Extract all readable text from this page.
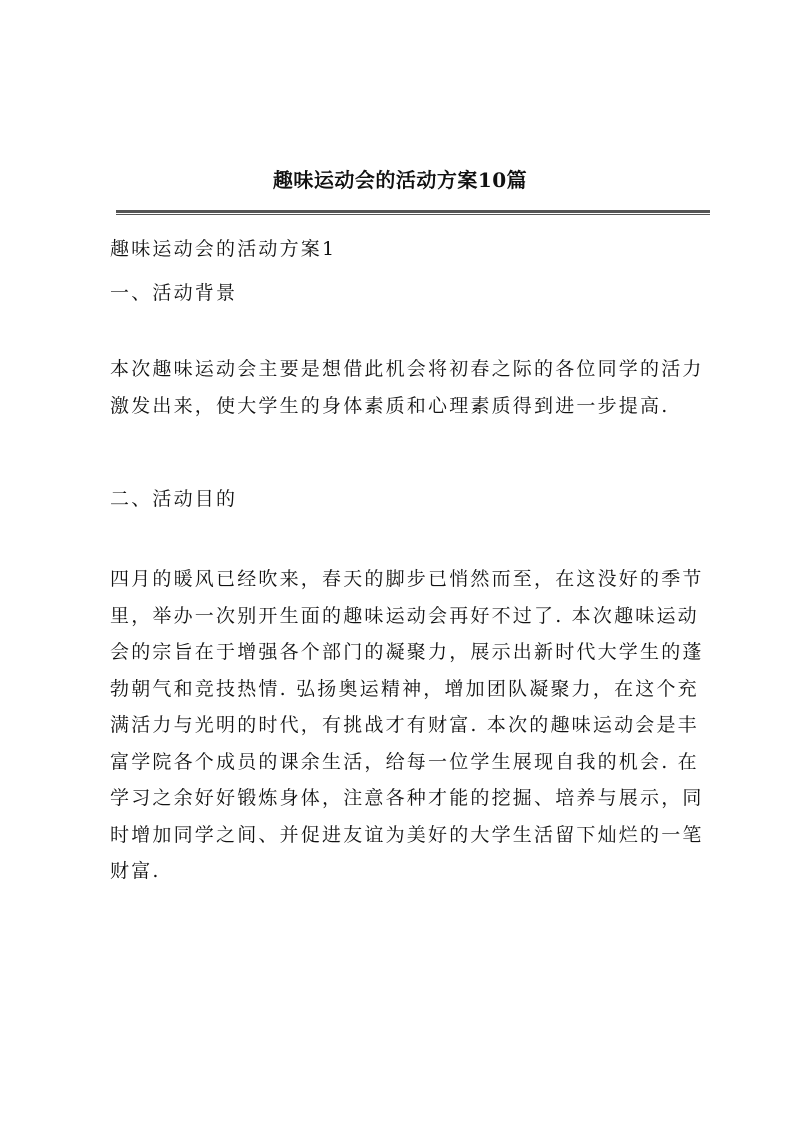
趣味运动会的活动方案10篇
趣味运动会的活动方案1
一、活动背景
本次趣味运动会主要是想借此机会将初春之际的各位同学的活力
激发出来，使大学生的身体素质和心理素质得到进一步提高.
二、活动目的
四月的暖风已经吹来，春天的脚步已悄然而至，在这没好的季节
里，举办一次别开生面的趣味运动会再好不过了. 本次趣味运动
会的宗旨在于增强各个部门的凝聚力，展示出新时代大学生的蓬
勃朝气和竞技热情. 弘扬奥运精神，增加团队凝聚力，在这个充
满活力与光明的时代，有挑战才有财富. 本次的趣味运动会是丰
富学院各个成员的课余生活，给每一位学生展现自我的机会. 在
学习之余好好锻炼身体，注意各种才能的挖掘、培养与展示，同
时增加同学之间、并促进友谊为美好的大学生活留下灿烂的一笔
财富.
